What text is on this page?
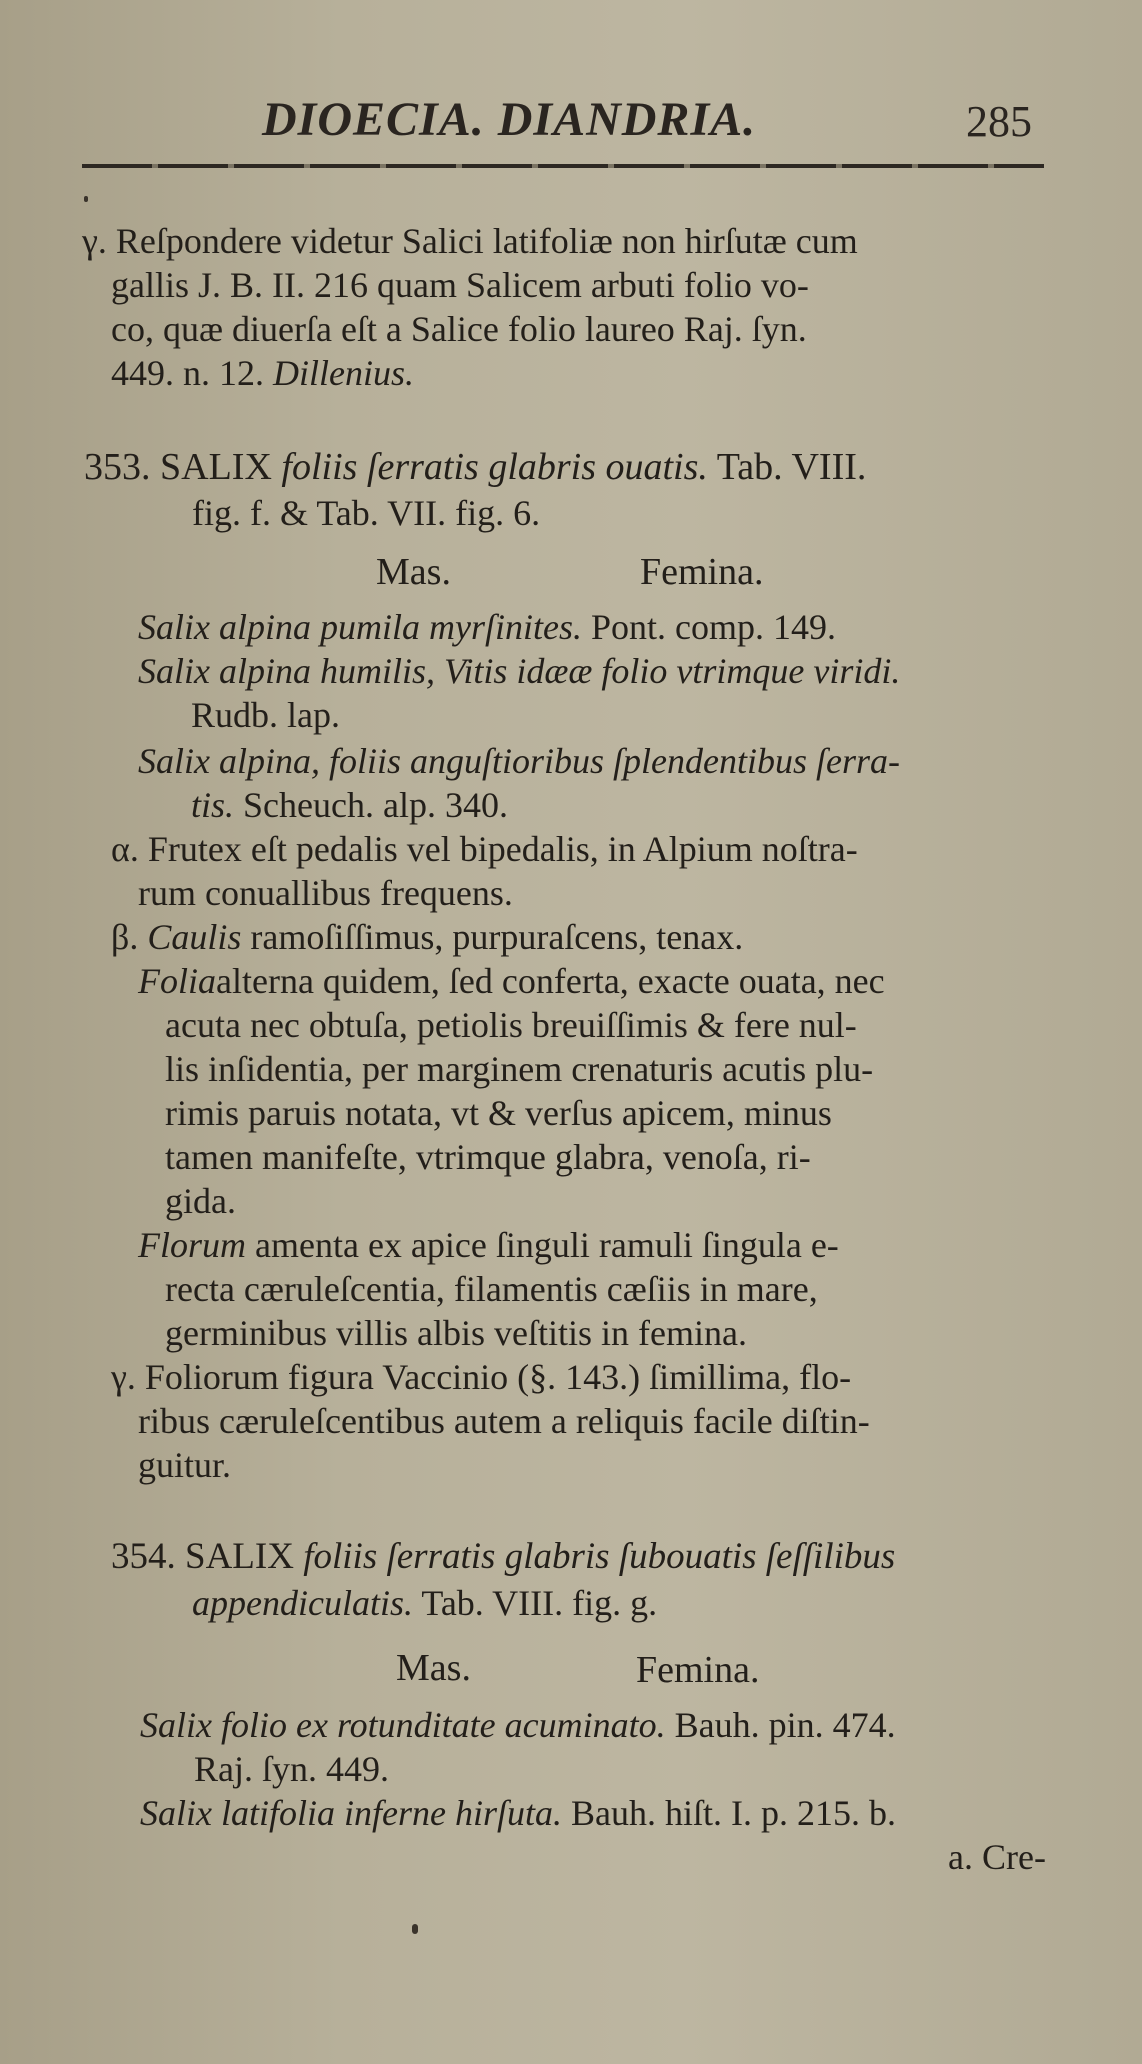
DIOECIA. DIANDRIA.	285
γ. Reſpondere videtur Salici latifoliæ non hirſutæ cum
gallis J. B. II. 216 quam Salicem arbuti folio vo-
co, quæ diuerſa eſt a Salice folio laureo Raj. ſyn.
449. n. 12. Dillenius.
353. SALIX foliis ſerratis glabris ouatis. Tab. VIII.
fig. f. & Tab. VII. fig. 6.
Mas.	Femina.
Salix alpina pumila myrſinites. Pont. comp. 149.
Salix alpina humilis, Vitis idææ folio vtrimque viridi.
Rudb. lap.
Salix alpina, foliis anguſtioribus ſplendentibus ſerra-
tis. Scheuch. alp. 340.
α. Frutex eſt pedalis vel bipedalis, in Alpium noſtra-
rum conuallibus frequens.
β. Caulis ramoſiſſimus, purpuraſcens, tenax.
Foliaalterna quidem, ſed conferta, exacte ouata, nec
acuta nec obtuſa, petiolis breuiſſimis & fere nul-
lis inſidentia, per marginem crenaturis acutis plu-
rimis paruis notata, vt & verſus apicem, minus
tamen manifeſte, vtrimque glabra, venoſa, ri-
gida.
Florum amenta ex apice ſinguli ramuli ſingula e-
recta cæruleſcentia, filamentis cæſiis in mare,
germinibus villis albis veſtitis in femina.
γ. Foliorum figura Vaccinio (§. 143.) ſimillima, flo-
ribus cæruleſcentibus autem a reliquis facile diſtin-
guitur.
354. SALIX foliis ſerratis glabris ſubouatis ſeſſilibus
appendiculatis. Tab. VIII. fig. g.
Mas.	Femina.
Salix folio ex rotunditate acuminato. Bauh. pin. 474.
Raj. ſyn. 449.
Salix latifolia inferne hirſuta. Bauh. hiſt. I. p. 215. b.
a. Cre-
